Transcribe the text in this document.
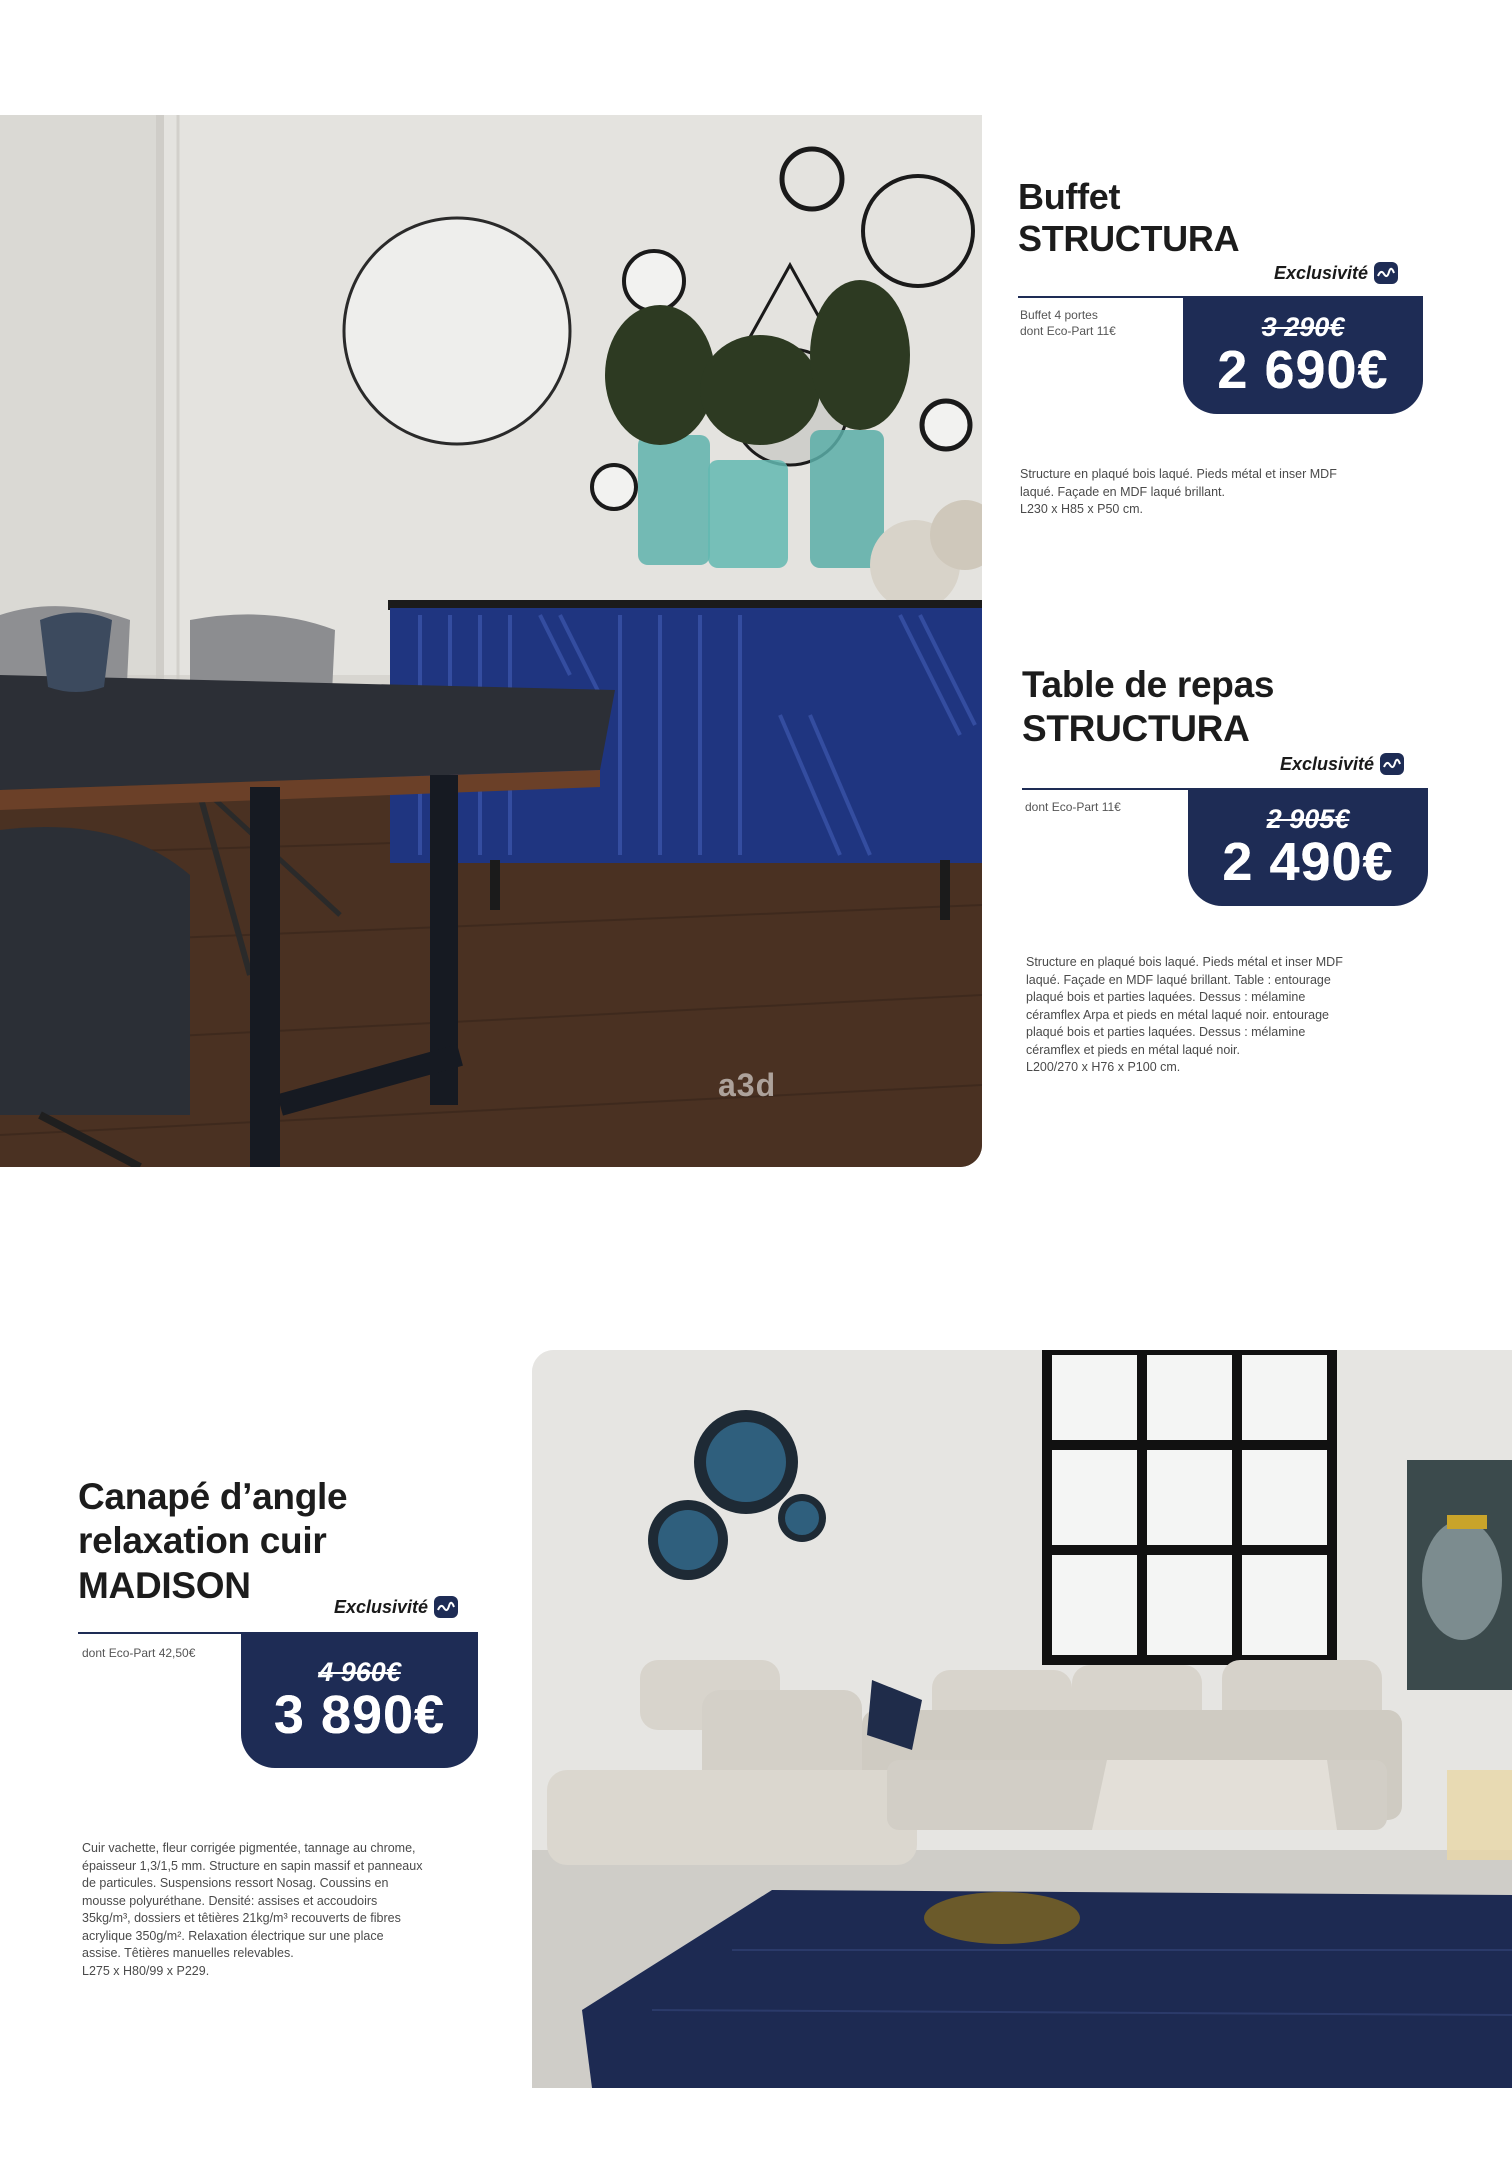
a3d
Buffet
STRUCTURA
Exclusivité
Buffet 4 portes
dont Eco-Part 11€	3 290€
2 690€
Structure en plaqué bois laqué. Pieds métal et inser MDF
laqué. Façade en MDF laqué brillant.
L230 x H85 x P50 cm.
Table de repas
STRUCTURA
Exclusivité
dont Eco-Part 11€	2 905€
2 490€
Structure en plaqué bois laqué. Pieds métal et inser MDF
laqué. Façade en MDF laqué brillant. Table : entourage
plaqué bois et parties laquées. Dessus : mélamine
céramflex Arpa et pieds en métal laqué noir. entourage
plaqué bois et parties laquées. Dessus : mélamine
céramflex et pieds en métal laqué noir.
L200/270 x H76 x P100 cm.
Canapé d’angle
relaxation cuir
MADISON
Exclusivité
dont Eco-Part 42,50€
4 960€
3 890€
Cuir vachette, fleur corrigée pigmentée, tannage au chrome,
épaisseur 1,3/1,5 mm. Structure en sapin massif et panneaux
de particules. Suspensions ressort Nosag. Coussins en
mousse polyuréthane. Densité: assises et accoudoirs
35kg/m³, dossiers et têtières 21kg/m³ recouverts de fibres
acrylique 350g/m². Relaxation électrique sur une place
assise. Têtières manuelles relevables.
L275 x H80/99 x P229.
